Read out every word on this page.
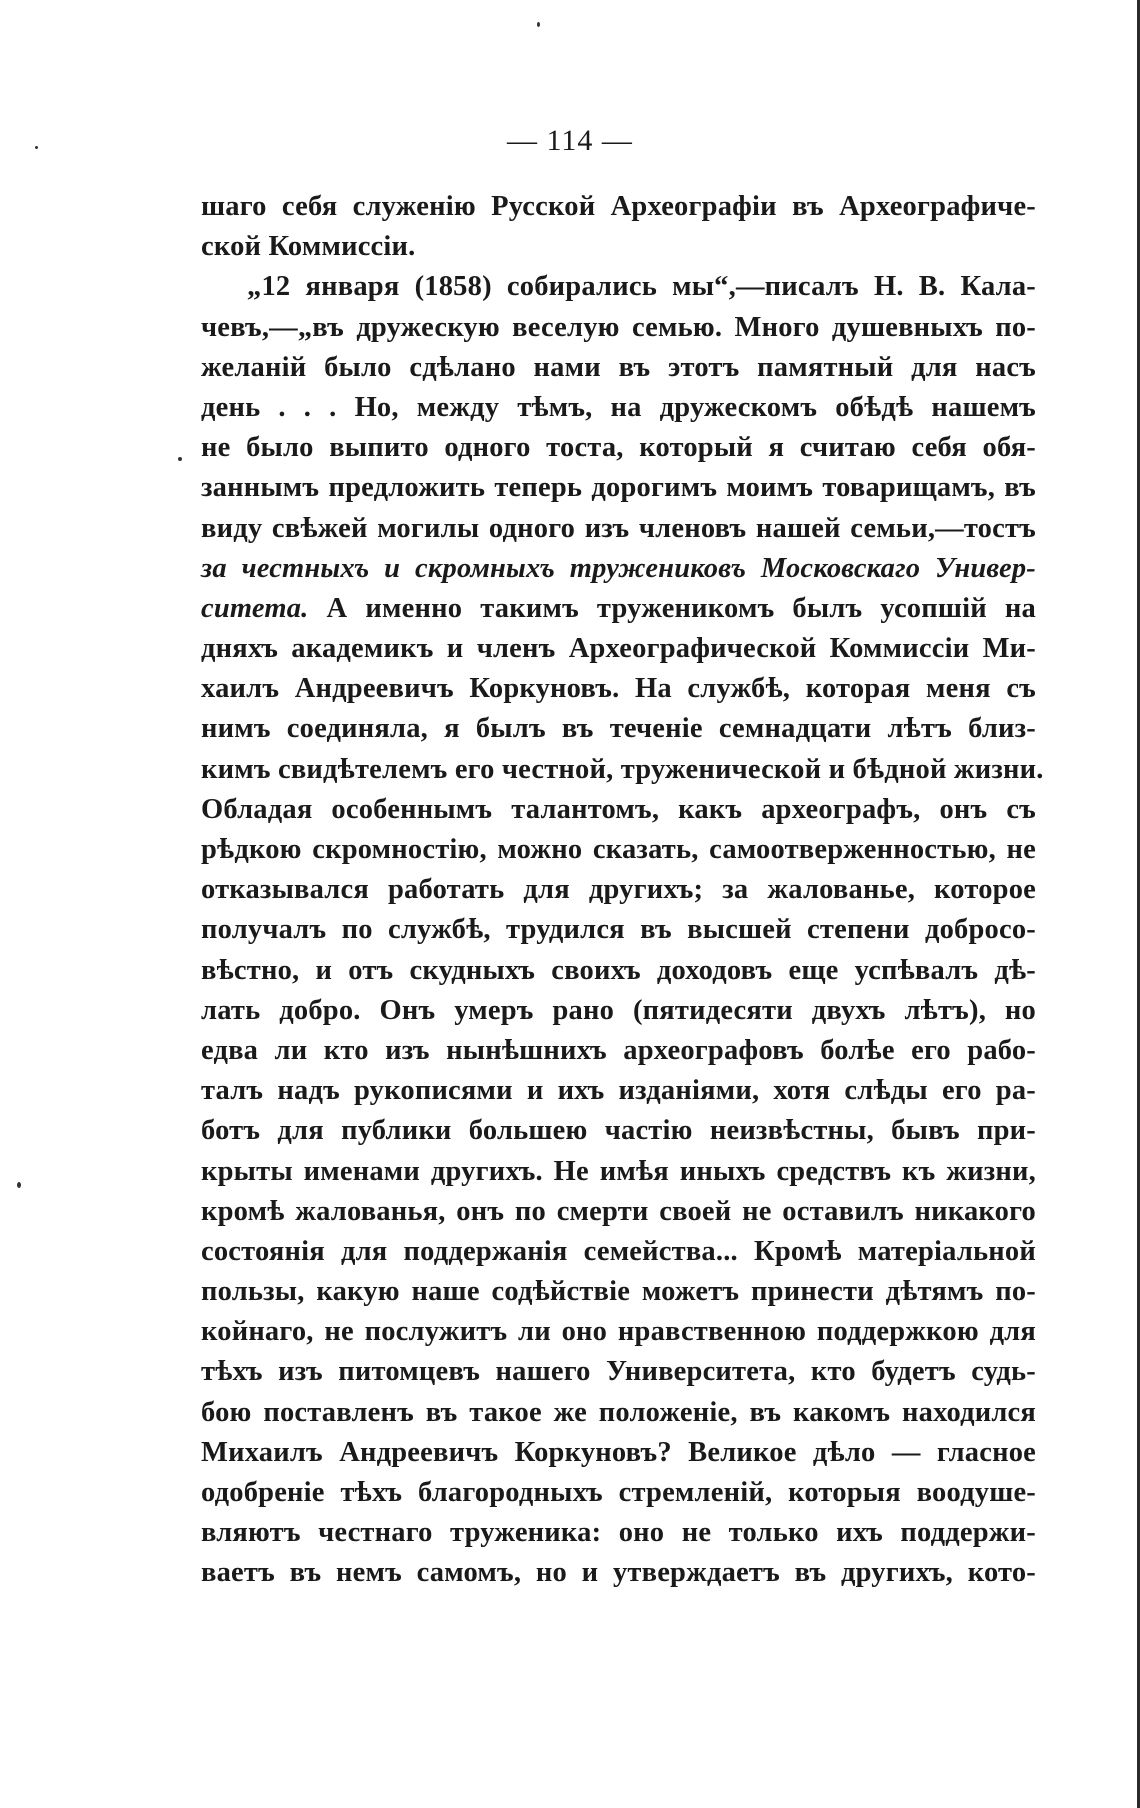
— 114 —
шаго себя служенію Русской Археографіи въ Археографиче-
ской Коммиссіи.
„12 января (1858) собирались мы“,—писалъ Н. В. Кала-
чевъ,—„въ дружескую веселую семью. Много душевныхъ по-
желаній было сдѣлано нами въ этотъ памятный для насъ
день . . . Но, между тѣмъ, на дружескомъ обѣдѣ нашемъ
не было выпито одного тоста, который я считаю себя обя-
заннымъ предложить теперь дорогимъ моимъ товарищамъ, въ
виду свѣжей могилы одного изъ членовъ нашей семьи,—тостъ
за честныхъ и скромныхъ тружениковъ Московскаго Универ-
ситета. А именно такимъ труженикомъ былъ усопшій на
дняхъ академикъ и членъ Археографической Коммиссіи Ми-
хаилъ Андреевичъ Коркуновъ. На службѣ, которая меня съ
нимъ соединяла, я былъ въ теченіе семнадцати лѣтъ близ-
кимъ свидѣтелемъ его честной, труженической и бѣдной жизни.
Обладая особеннымъ талантомъ, какъ археографъ, онъ съ
рѣдкою скромностію, можно сказать, самоотверженностью, не
отказывался работать для другихъ; за жалованье, которое
получалъ по службѣ, трудился въ высшей степени добросо-
вѣстно, и отъ скудныхъ своихъ доходовъ еще успѣвалъ дѣ-
лать добро. Онъ умеръ рано (пятидесяти двухъ лѣтъ), но
едва ли кто изъ нынѣшнихъ археографовъ болѣе его рабо-
талъ надъ рукописями и ихъ изданіями, хотя слѣды его ра-
ботъ для публики большею частію неизвѣстны, бывъ при-
крыты именами другихъ. Не имѣя иныхъ средствъ къ жизни,
кромѣ жалованья, онъ по смерти своей не оставилъ никакого
состоянія для поддержанія семейства... Кромѣ матеріальной
пользы, какую наше содѣйствіе можетъ принести дѣтямъ по-
койнаго, не послужитъ ли оно нравственною поддержкою для
тѣхъ изъ питомцевъ нашего Университета, кто будетъ судь-
бою поставленъ въ такое же положеніе, въ какомъ находился
Михаилъ Андреевичъ Коркуновъ? Великое дѣло — гласное
одобреніе тѣхъ благородныхъ стремленій, которыя воодуше-
вляютъ честнаго труженика: оно не только ихъ поддержи-
ваетъ въ немъ самомъ, но и утверждаетъ въ другихъ, кото-
